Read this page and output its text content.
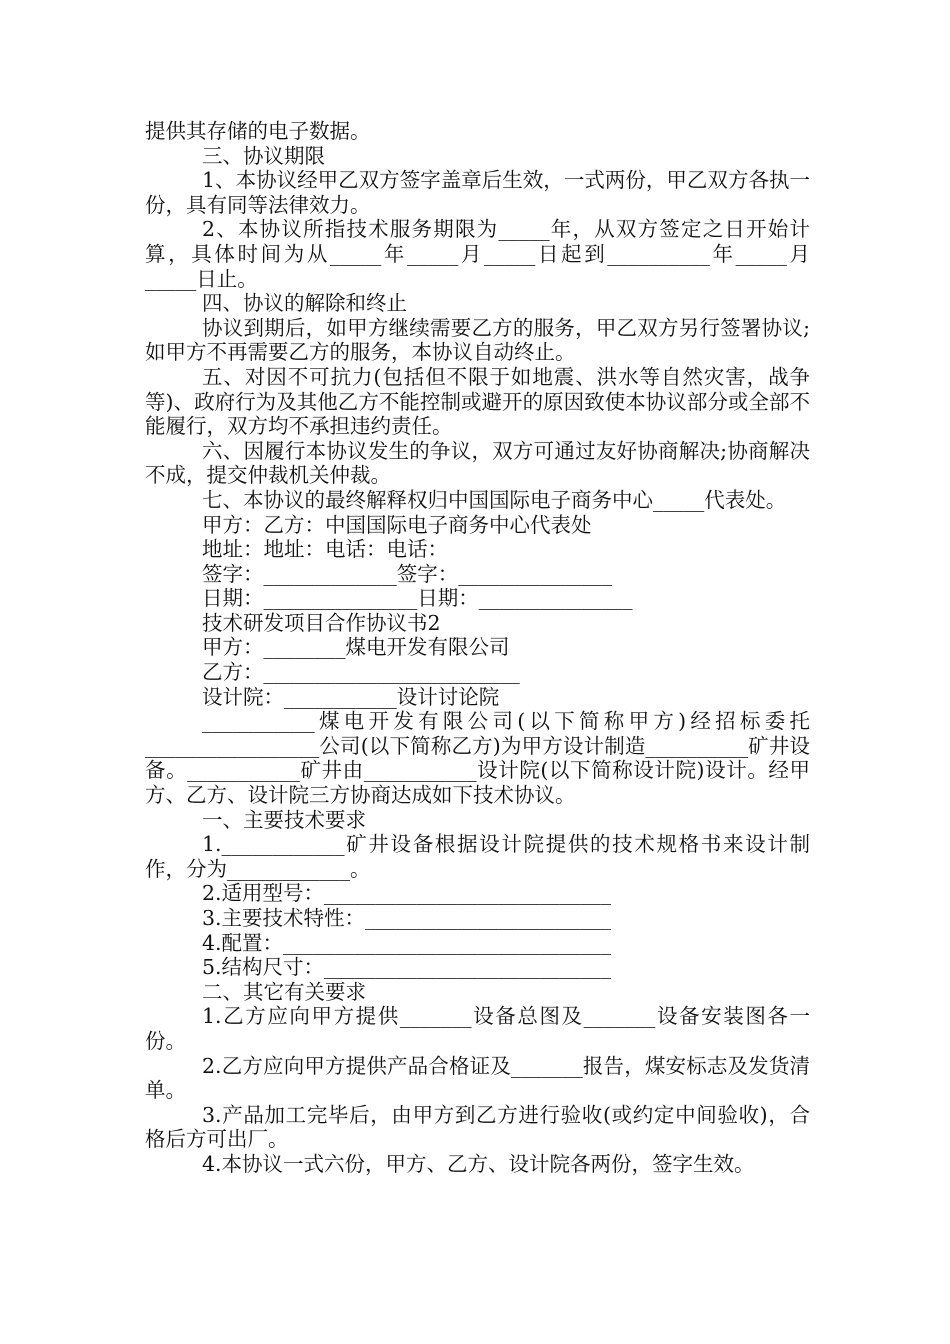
提供其存储的电子数据。

三、协议期限

1、本协议经甲乙双方签字盖章后生效，一式两份，甲乙双方各执一份，具有同等法律效力。

2、本协议所指技术服务期限为_____年，从双方签定之日开始计算，具体时间为从_____年_____月_____日起到__________年_____月_____日止。

四、协议的解除和终止

协议到期后，如甲方继续需要乙方的服务，甲乙双方另行签署协议;如甲方不再需要乙方的服务，本协议自动终止。

五、对因不可抗力(包括但不限于如地震、洪水等自然灾害，战争等)、政府行为及其他乙方不能控制或避开的原因致使本协议部分或全部不能履行，双方均不承担违约责任。

六、因履行本协议发生的争议，双方可通过友好协商解决;协商解决不成，提交仲裁机关仲裁。

七、本协议的最终解释权归中国国际电子商务中心_____代表处。

甲方：乙方：中国国际电子商务中心代表处

地址：地址：电话：电话：

签字：_____________签字：_______________

日期：_______________日期：_______________

技术研发项目合作协议书2

甲方：________煤电开发有限公司

乙方：_________________________

设计院：___________设计讨论院

___________煤电开发有限公司(以下简称甲方)经招标委托_________________公司(以下简称乙方)为甲方设计制造__________矿井设备。___________矿井由___________设计院(以下简称设计院)设计。经甲方、乙方、设计院三方协商达成如下技术协议。

一、主要技术要求

1.____________矿井设备根据设计院提供的技术规格书来设计制作，分为____________。

2.适用型号：____________________________

3.主要技术特性：________________________

4.配置：________________________________

5.结构尺寸：____________________________

二、其它有关要求

1.乙方应向甲方提供_______设备总图及_______设备安装图各一份。

2.乙方应向甲方提供产品合格证及_______报告，煤安标志及发货清单。

3.产品加工完毕后，由甲方到乙方进行验收(或约定中间验收)，合格后方可出厂。

4.本协议一式六份，甲方、乙方、设计院各两份，签字生效。
